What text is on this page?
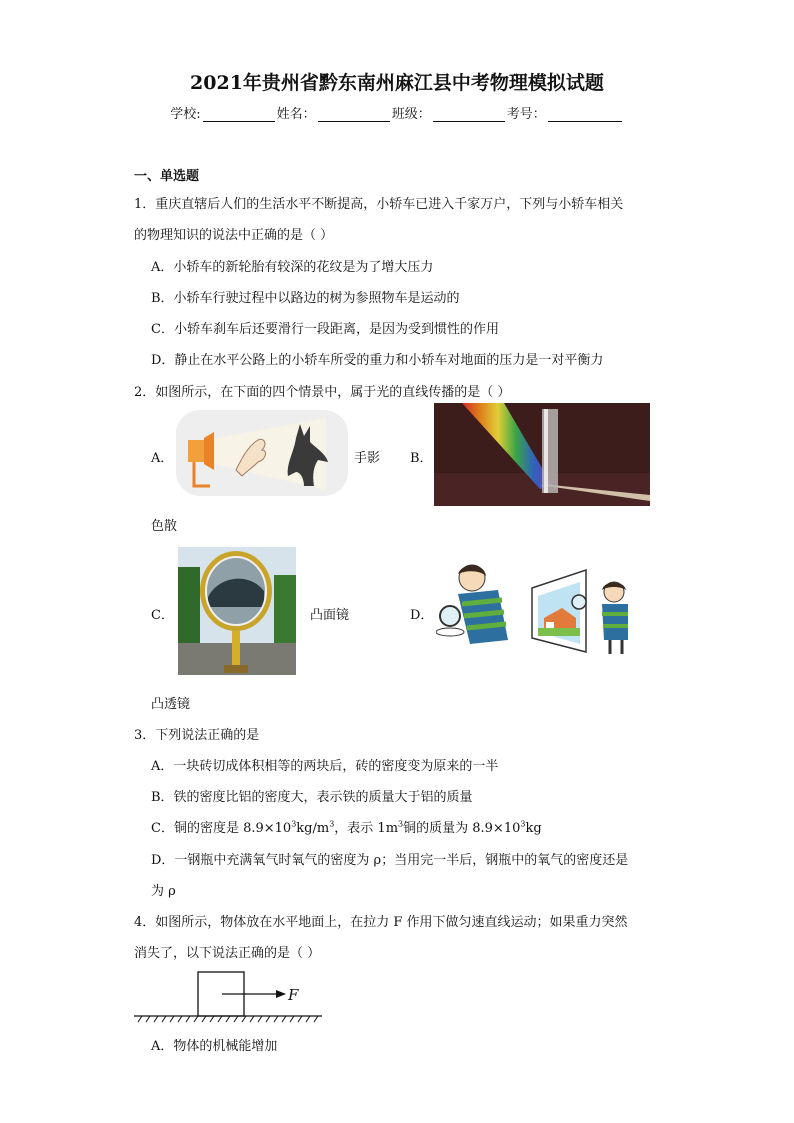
2021年贵州省黔东南州麻江县中考物理模拟试题
学校:	姓名：	班级：	考号：
一、单选题
1．重庆直辖后人们的生活水平不断提高，小轿车已进入千家万户，下列与小轿车相关
的物理知识的说法中正确的是（ ）
A．小轿车的新轮胎有较深的花纹是为了增大压力
B．小轿车行驶过程中以路边的树为参照物车是运动的
C．小轿车刹车后还要滑行一段距离，是因为受到惯性的作用
D．静止在水平公路上的小轿车所受的重力和小轿车对地面的压力是一对平衡力
2．如图所示，在下面的四个情景中，属于光的直线传播的是（ ）
A．	手影 B．
色散
C．	凸面镜	D．
凸透镜
3．下列说法正确的是
A．一块砖切成体积相等的两块后，砖的密度变为原来的一半
B．铁的密度比铝的密度大，表示铁的质量大于铝的质量
C．铜的密度是 $8.9\times 10^3kg/m^3$，表示 $1m^3$铜的质量为 $8.9\times 10^3kg$
D．一钢瓶中充满氧气时氧气的密度为 ρ；当用完一半后，钢瓶中的氧气的密度还是
为 ρ
4．如图所示，物体放在水平地面上，在拉力 F 作用下做匀速直线运动；如果重力突然
消失了，以下说法正确的是（ ）
F
A．物体的机械能增加
